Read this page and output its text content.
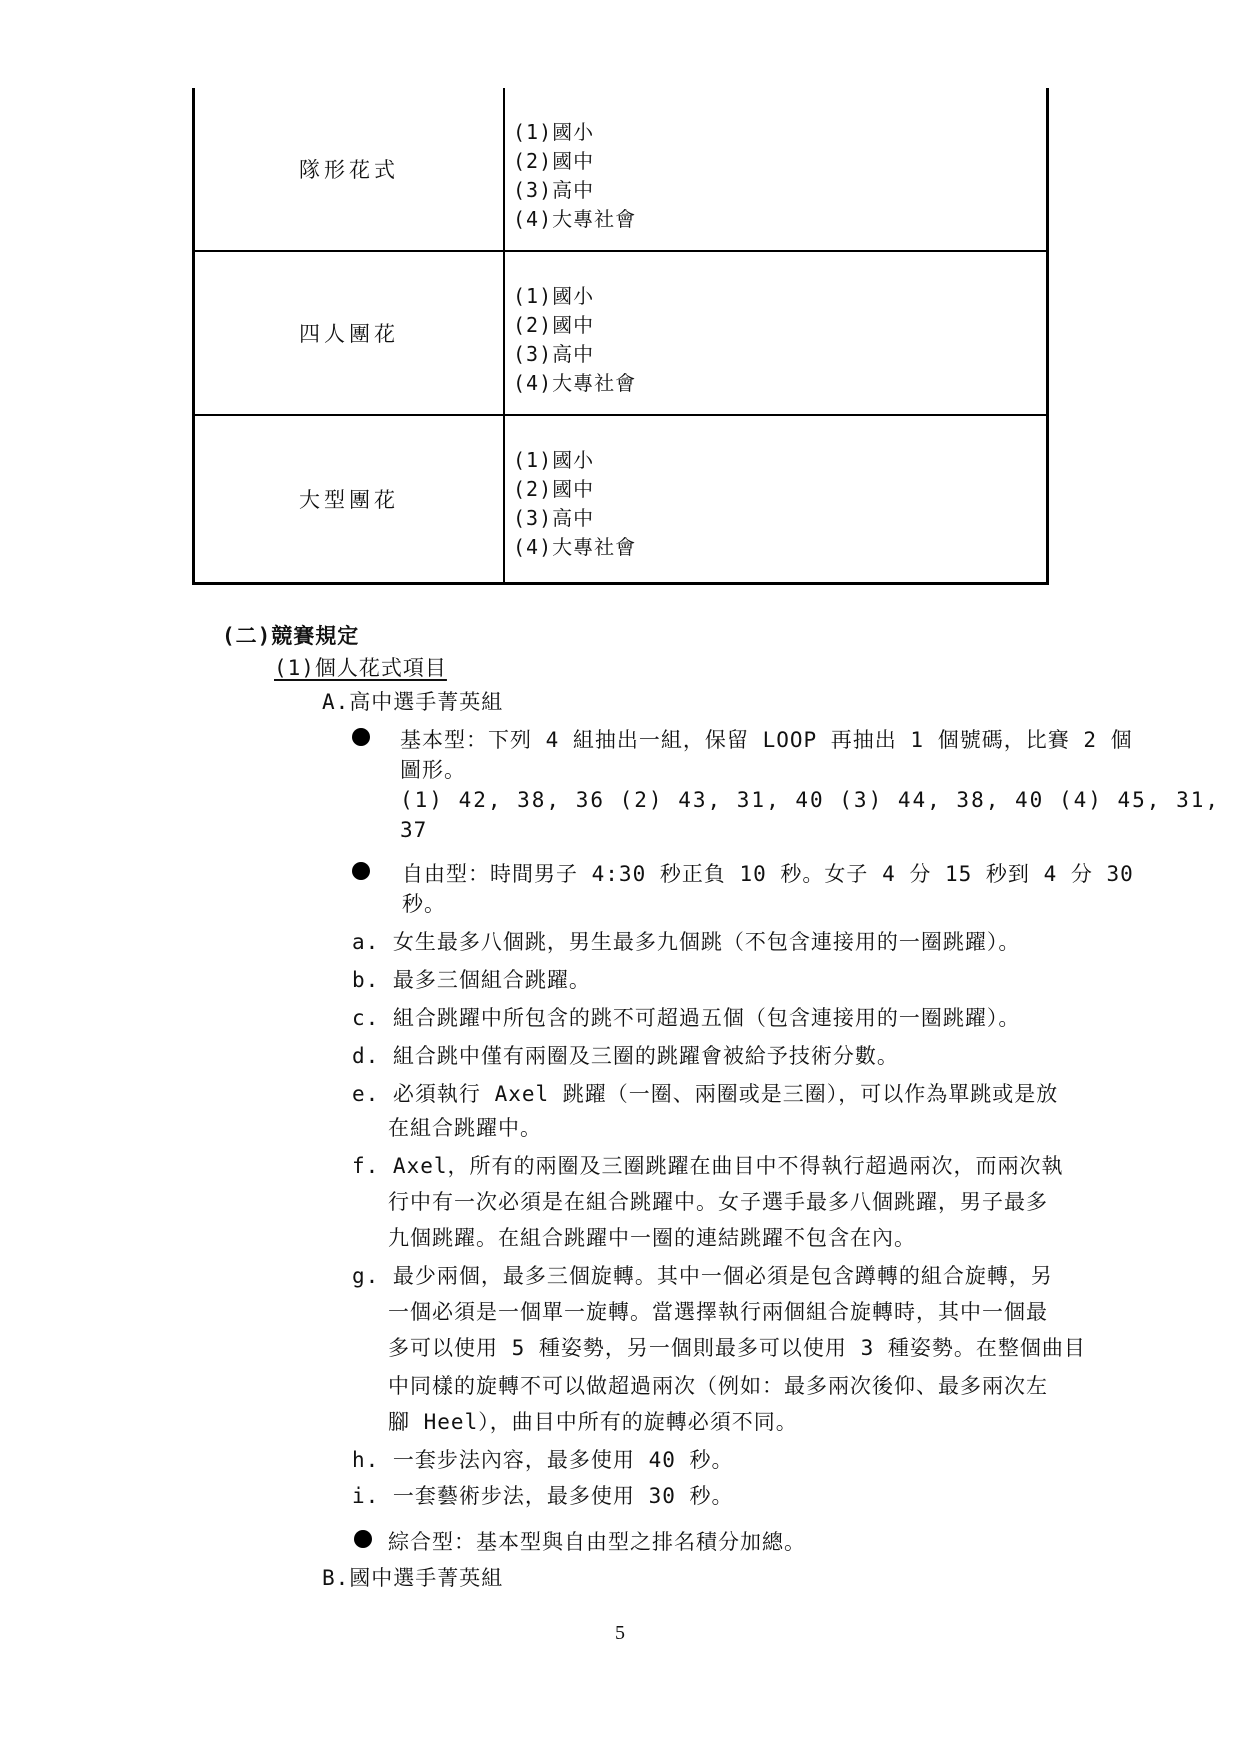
隊形花式
(1)國小
(2)國中
(3)高中
(4)大專社會
四人團花
(1)國小
(2)國中
(3)高中
(4)大專社會
大型團花
(1)國小
(2)國中
(3)高中
(4)大專社會
(二)競賽規定
(1)個人花式項目
A.高中選手菁英組
基本型：下列 4 組抽出一組，保留 LOOP 再抽出 1 個號碼，比賽 2 個
圖形。
(1) 42, 38, 36 (2) 43, 31, 40 (3) 44, 38, 40 (4) 45, 31,
37
自由型：時間男子 4:30 秒正負 10 秒。女子 4 分 15 秒到 4 分 30
秒。
a. 女生最多八個跳，男生最多九個跳（不包含連接用的一圈跳躍）。
b. 最多三個組合跳躍。
c. 組合跳躍中所包含的跳不可超過五個（包含連接用的一圈跳躍）。
d. 組合跳中僅有兩圈及三圈的跳躍會被給予技術分數。
e. 必須執行 Axel 跳躍（一圈、兩圈或是三圈），可以作為單跳或是放
在組合跳躍中。
f. Axel，所有的兩圈及三圈跳躍在曲目中不得執行超過兩次，而兩次執
行中有一次必須是在組合跳躍中。女子選手最多八個跳躍，男子最多
九個跳躍。在組合跳躍中一圈的連結跳躍不包含在內。
g. 最少兩個，最多三個旋轉。其中一個必須是包含蹲轉的組合旋轉，另
一個必須是一個單一旋轉。當選擇執行兩個組合旋轉時，其中一個最
多可以使用 5 種姿勢，另一個則最多可以使用 3 種姿勢。在整個曲目
中同樣的旋轉不可以做超過兩次（例如：最多兩次後仰、最多兩次左
腳 Heel），曲目中所有的旋轉必須不同。
h. 一套步法內容，最多使用 40 秒。
i. 一套藝術步法，最多使用 30 秒。
綜合型：基本型與自由型之排名積分加總。
B.國中選手菁英組
5
